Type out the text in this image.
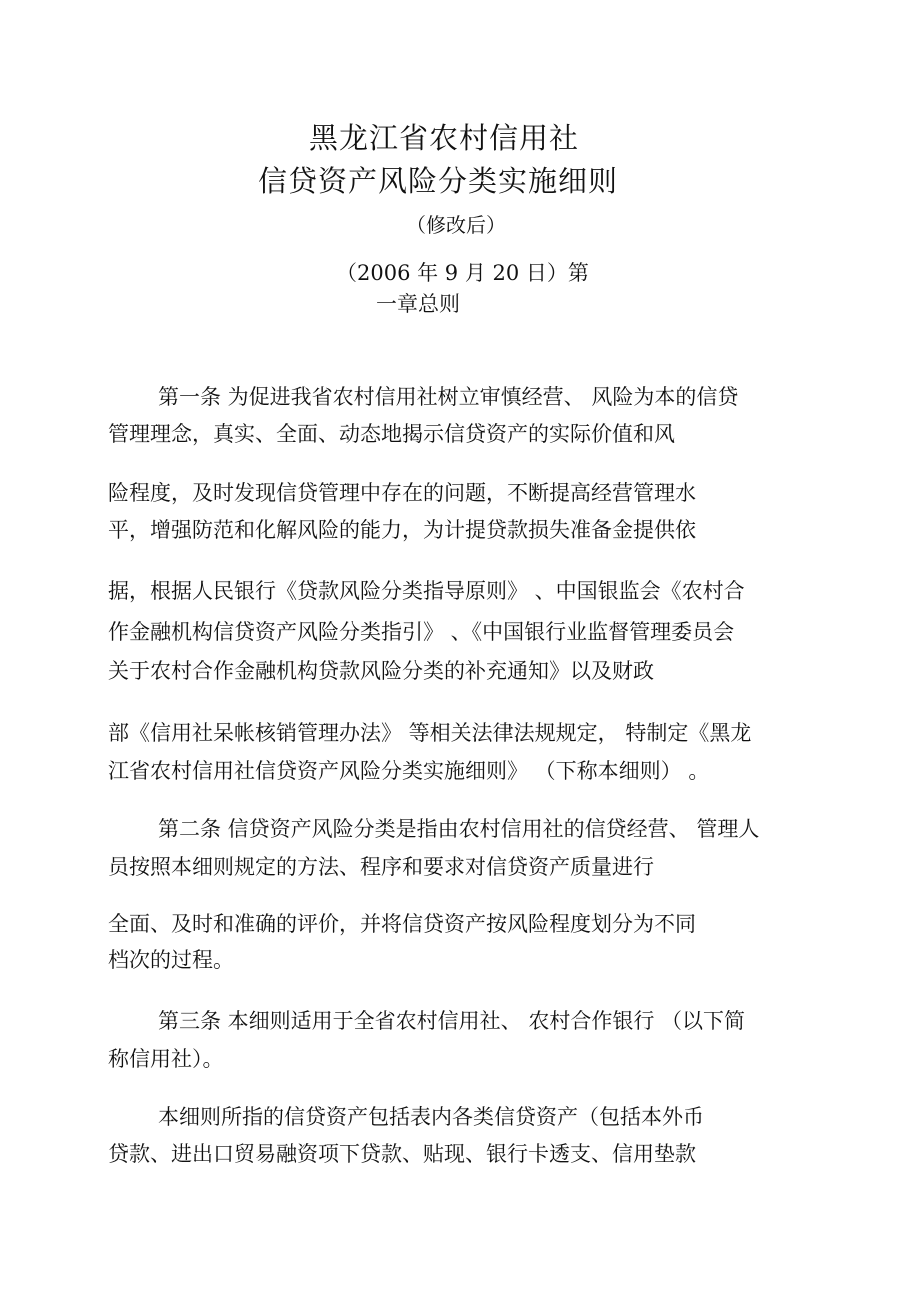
黑龙江省农村信用社
信贷资产风险分类实施细则
（修改后）
（2006 年 9 月 20 日）第
一章总则
第一条 为促进我省农村信用社树立审慎经营、 风险为本的信贷
管理理念，真实、全面、动态地揭示信贷资产的实际价值和风
险程度，及时发现信贷管理中存在的问题，不断提高经营管理水
平，增强防范和化解风险的能力，为计提贷款损失准备金提供依
据，根据人民银行《贷款风险分类指导原则》 、中国银监会《农村合
作金融机构信贷资产风险分类指引》 、《中国银行业监督管理委员会
关于农村合作金融机构贷款风险分类的补充通知》以及财政
部《信用社呆帐核销管理办法》 等相关法律法规规定， 特制定《黑龙
江省农村信用社信贷资产风险分类实施细则》 （下称本细则） 。
第二条 信贷资产风险分类是指由农村信用社的信贷经营、 管理人
员按照本细则规定的方法、程序和要求对信贷资产质量进行
全面、及时和准确的评价，并将信贷资产按风险程度划分为不同
档次的过程。
第三条 本细则适用于全省农村信用社、 农村合作银行 （以下简
称信用社）。
本细则所指的信贷资产包括表内各类信贷资产（包括本外币
贷款、进出口贸易融资项下贷款、贴现、银行卡透支、信用垫款
